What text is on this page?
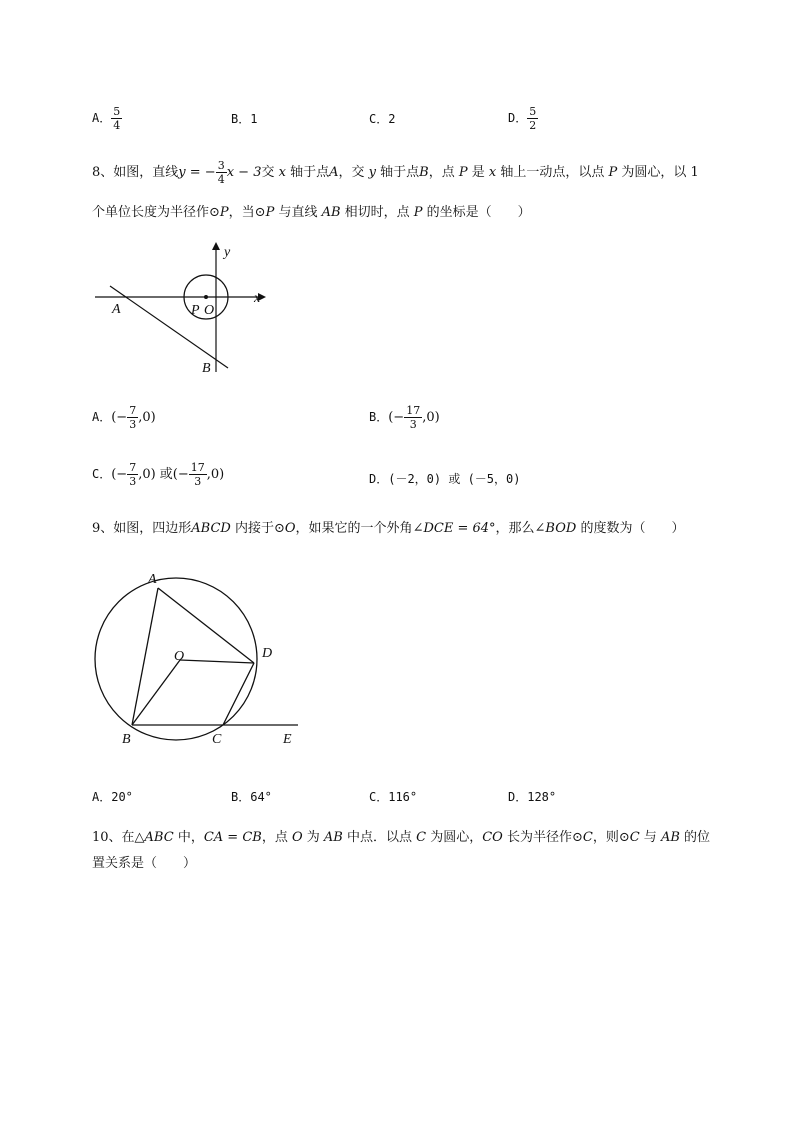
A． $\frac{5}{4}$	B．1	C．2	D． $\frac{5}{2}$
8、如图，直线y = − $\frac{3}{4}$ x − 3交 x 轴于点A，交 y 轴于点B，点 P 是 x 轴上一动点，以点 P 为圆心，以 1
个单位长度为半径作⊙P，当⊙P 与直线 AB 相切时，点 P 的坐标是（　　）
y
x
A	P O
B
A．(− $\frac{7}{3} ,0$)	B．(− $\frac{17}{3} ,0$)
C．(− $\frac{7}{3} ,0$) 或(− $\frac{17}{3} ,0$)	D．(－2，0) 或 (－5，0)
9、如图，四边形ABCD 内接于⊙O，如果它的一个外角∠DCE = 64°，那么∠BOD 的度数为（　　）
A
O	D
B	C	E
A．20°	B．64°	C．116°	D．128°
10、在△ABC 中，CA = CB，点 O 为 AB 中点．以点 C 为圆心，CO 长为半径作⊙C，则⊙C 与 AB 的位
置关系是（　　）
